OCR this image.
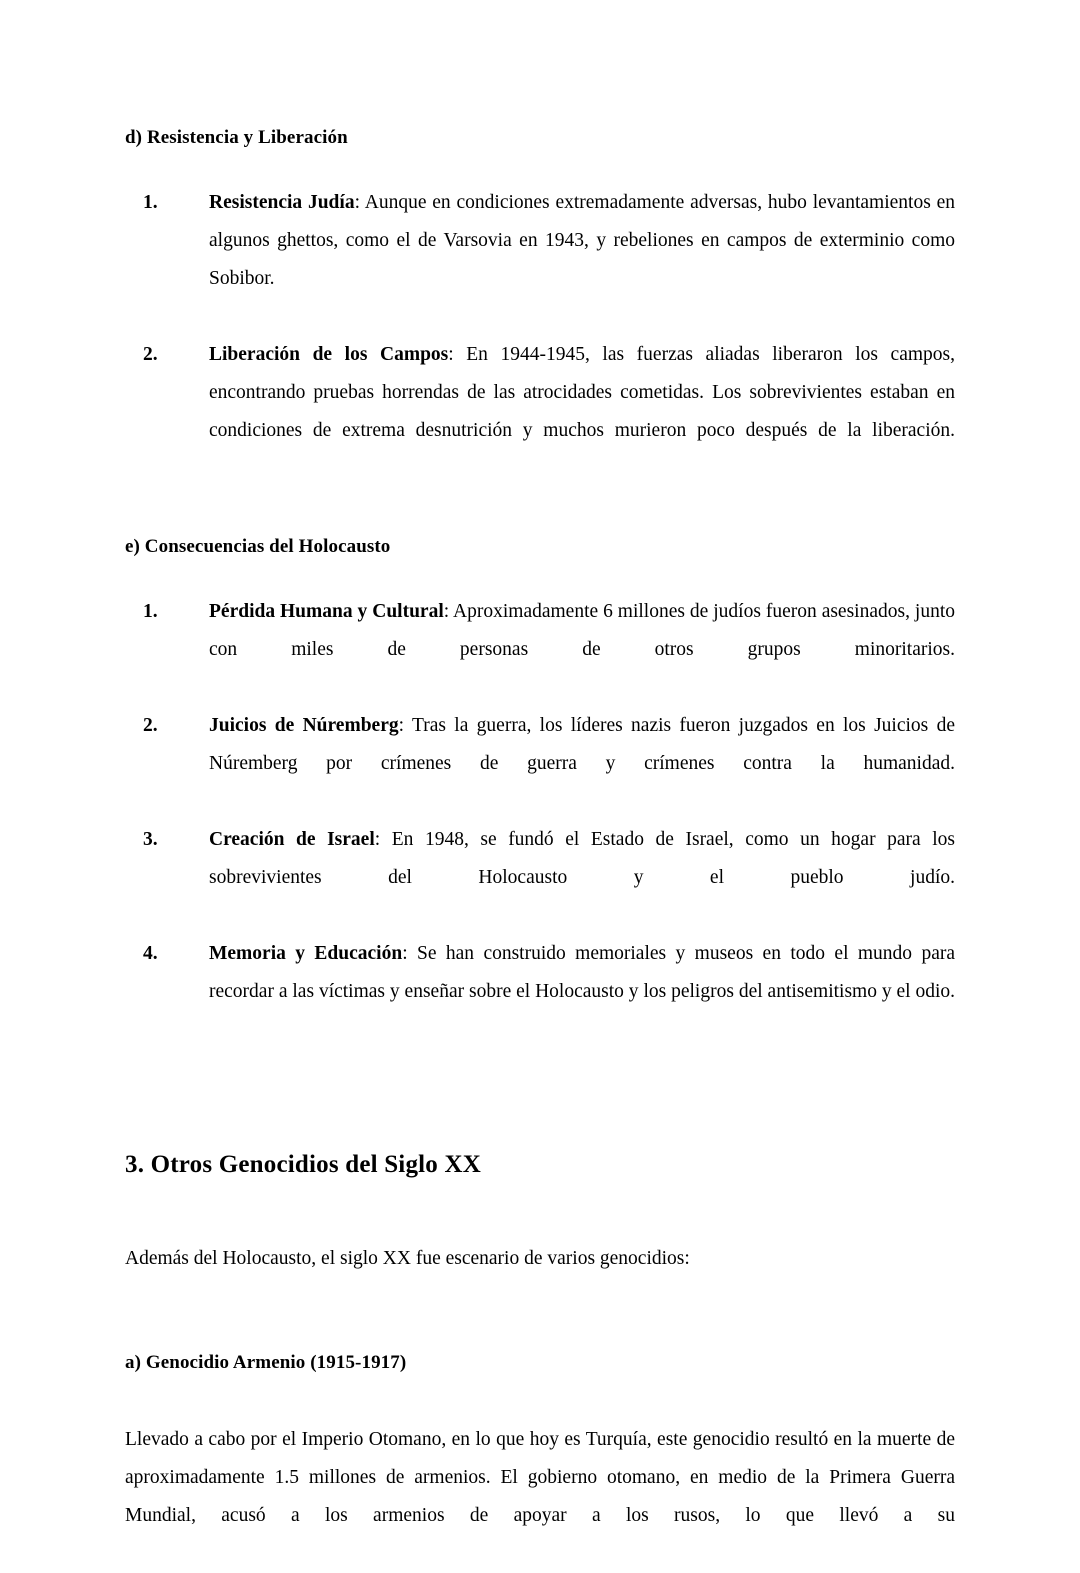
d) Resistencia y Liberación
Resistencia Judía: Aunque en condiciones extremadamente adversas, hubo levantamientos en algunos ghettos, como el de Varsovia en 1943, y rebeliones en campos de exterminio como Sobibor.
Liberación de los Campos: En 1944-1945, las fuerzas aliadas liberaron los campos, encontrando pruebas horrendas de las atrocidades cometidas. Los sobrevivientes estaban en condiciones de extrema desnutrición y muchos murieron poco después de la liberación.
e) Consecuencias del Holocausto
Pérdida Humana y Cultural: Aproximadamente 6 millones de judíos fueron asesinados, junto con miles de personas de otros grupos minoritarios.
Juicios de Núremberg: Tras la guerra, los líderes nazis fueron juzgados en los Juicios de Núremberg por crímenes de guerra y crímenes contra la humanidad.
Creación de Israel: En 1948, se fundó el Estado de Israel, como un hogar para los sobrevivientes del Holocausto y el pueblo judío.
Memoria y Educación: Se han construido memoriales y museos en todo el mundo para recordar a las víctimas y enseñar sobre el Holocausto y los peligros del antisemitismo y el odio.
3. Otros Genocidios del Siglo XX

Además del Holocausto, el siglo XX fue escenario de varios genocidios:

a) Genocidio Armenio (1915-1917)

Llevado a cabo por el Imperio Otomano, en lo que hoy es Turquía, este genocidio resultó en la muerte de aproximadamente 1.5 millones de armenios. El gobierno otomano, en medio de la Primera Guerra Mundial, acusó a los armenios de apoyar a los rusos, lo que llevó a su
